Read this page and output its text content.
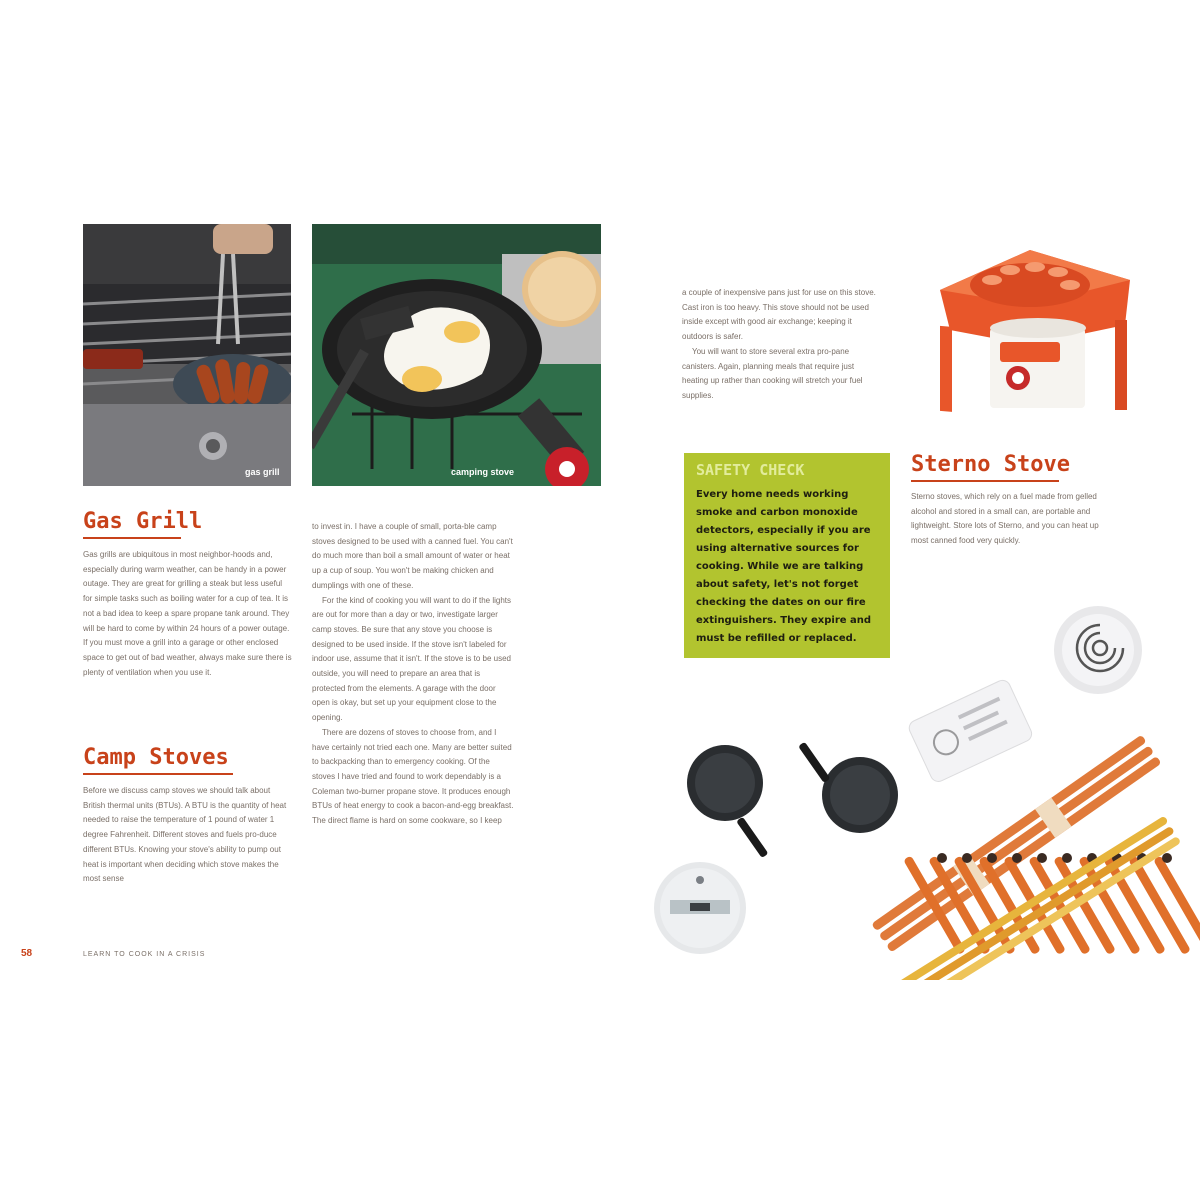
gas grill	camping stove
Gas Grill

Gas grills are ubiquitous in most neighbor-hoods and, especially during warm weather, can be handy in a power outage. They are great for grilling a steak but less useful for simple tasks such as boiling water for a cup of tea. It is not a bad idea to keep a spare propane tank around. They will be hard to come by within 24 hours of a power outage. If you must move a grill into a garage or other enclosed space to get out of bad weather, always make sure there is plenty of ventilation when you use it.

Camp Stoves

Before we discuss camp stoves we should talk about British thermal units (BTUs). A BTU is the quantity of heat needed to raise the temperature of 1 pound of water 1 degree Fahrenheit. Different stoves and fuels pro-duce different BTUs. Knowing your stove's ability to pump out heat is important when deciding which stove makes the most sense

to invest in. I have a couple of small, porta-ble camp stoves designed to be used with a canned fuel. You can't do much more than boil a small amount of water or heat up a cup of soup. You won't be making chicken and dumplings with one of these.

For the kind of cooking you will want to do if the lights are out for more than a day or two, investigate larger camp stoves. Be sure that any stove you choose is designed to be used inside. If the stove isn't labeled for indoor use, assume that it isn't. If the stove is to be used outside, you will need to prepare an area that is protected from the elements. A garage with the door open is okay, but set up your equipment close to the opening.

There are dozens of stoves to choose from, and I have certainly not tried each one. Many are better suited to backpacking than to emergency cooking. Of the stoves I have tried and found to work dependably is a Coleman two-burner propane stove. It produces enough BTUs of heat energy to cook a bacon-and-egg breakfast. The direct flame is hard on some cookware, so I keep

58	LEARN TO COOK IN A CRISIS

a couple of inexpensive pans just for use on this stove. Cast iron is too heavy. This stove should not be used inside except with good air exchange; keeping it outdoors is safer.

You will want to store several extra pro-pane canisters. Again, planning meals that require just heating up rather than cooking will stretch your fuel supplies.

SAFETY CHECK
Every home needs working smoke and carbon monoxide detectors, especially if you are using alternative sources for cooking. While we are talking about safety, let's not forget checking the dates on our fire extinguishers. They expire and must be refilled or replaced.
Sterno Stove

Sterno stoves, which rely on a fuel made from gelled alcohol and stored in a small can, are portable and lightweight. Store lots of Sterno, and you can heat up most canned food very quickly.
